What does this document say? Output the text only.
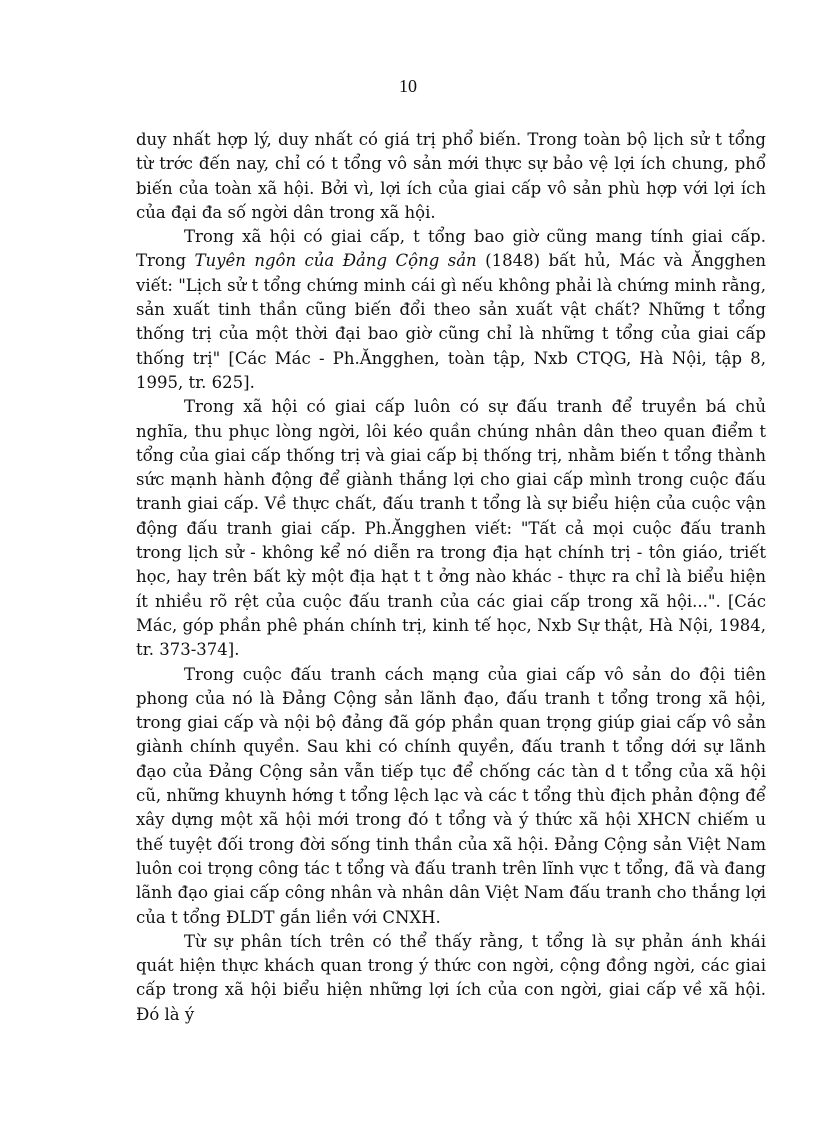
10

duy nhất hợp lý, duy nhất có giá trị phổ biến. Trong toàn bộ lịch sử t tổng từ trớc đến nay, chỉ có t tổng vô sản mới thực sự bảo vệ lợi ích chung, phổ biến của toàn xã hội. Bởi vì, lợi ích của giai cấp vô sản phù hợp với lợi ích của đại đa số ngời dân trong xã hội.

Trong xã hội có giai cấp, t tổng bao giờ cũng mang tính giai cấp. Trong Tuyên ngôn của Đảng Cộng sản (1848) bất hủ, Mác và Ăngghen viết: "Lịch sử t tổng chứng minh cái gì nếu không phải là chứng minh rằng, sản xuất tinh thần cũng biến đổi theo sản xuất vật chất? Những t tổng thống trị của một thời đại bao giờ cũng chỉ là những t tổng của giai cấp thống trị" [Các Mác - Ph.Ăngghen, toàn tập, Nxb CTQG, Hà Nội, tập 8, 1995, tr. 625].

Trong xã hội có giai cấp luôn có sự đấu tranh để truyền bá chủ nghĩa, thu phục lòng ngời, lôi kéo quần chúng nhân dân theo quan điểm t tổng của giai cấp thống trị và giai cấp bị thống trị, nhằm biến t tổng thành sức mạnh hành động để giành thắng lợi cho giai cấp mình trong cuộc đấu tranh giai cấp. Về thực chất, đấu tranh t tổng là sự biểu hiện của cuộc vận động đấu tranh giai cấp. Ph.Ăngghen viết: "Tất cả mọi cuộc đấu tranh trong lịch sử - không kể nó diễn ra trong địa hạt chính trị - tôn giáo, triết học, hay trên bất kỳ một địa hạt t t ởng nào khác - thực ra chỉ là biểu hiện ít nhiều rõ rệt của cuộc đấu tranh của các giai cấp trong xã hội...". [Các Mác, góp phần phê phán chính trị, kinh tế học, Nxb Sự thật, Hà Nội, 1984, tr. 373-374].

Trong cuộc đấu tranh cách mạng của giai cấp vô sản do đội tiên phong của nó là Đảng Cộng sản lãnh đạo, đấu tranh t tổng trong xã hội, trong giai cấp và nội bộ đảng đã góp phần quan trọng giúp giai cấp vô sản giành chính quyền. Sau khi có chính quyền, đấu tranh t tổng dới sự lãnh đạo của Đảng Cộng sản vẫn tiếp tục để chống các tàn d t tổng của xã hội cũ, những khuynh hớng t tổng lệch lạc và các t tổng thù địch phản động để xây dựng một xã hội mới trong đó t tổng và ý thức xã hội XHCN chiếm u thế tuyệt đối trong đời sống tinh thần của xã hội. Đảng Cộng sản Việt Nam luôn coi trọng công tác t tổng và đấu tranh trên lĩnh vực t tổng, đã và đang lãnh đạo giai cấp công nhân và nhân dân Việt Nam đấu tranh cho thắng lợi của t tổng ĐLDT gắn liền với CNXH.

Từ sự phân tích trên có thể thấy rằng, t tổng là sự phản ánh khái quát hiện thực khách quan trong ý thức con ngời, cộng đồng ngời, các giai cấp trong xã hội biểu hiện những lợi ích của con ngời, giai cấp về xã hội. Đó là ý
